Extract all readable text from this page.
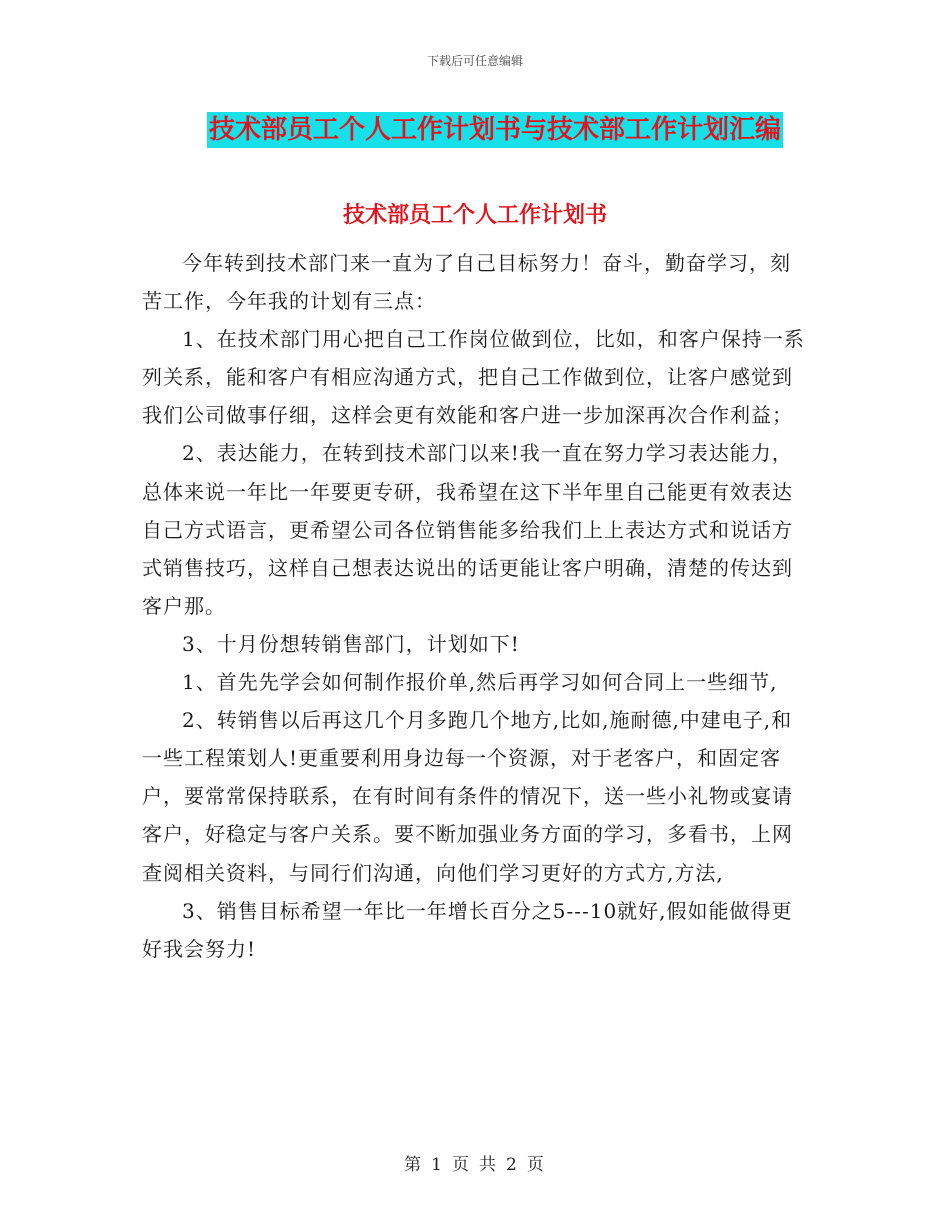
下载后可任意编辑
技术部员工个人工作计划书与技术部工作计划汇编
技术部员工个人工作计划书

今年转到技术部门来一直为了自己目标努力！奋斗，勤奋学习，刻苦工作，今年我的计划有三点：

1、在技术部门用心把自己工作岗位做到位，比如，和客户保持一系列关系，能和客户有相应沟通方式，把自己工作做到位，让客户感觉到我们公司做事仔细，这样会更有效能和客户进一步加深再次合作利益；

2、表达能力，在转到技术部门以来!我一直在努力学习表达能力，总体来说一年比一年要更专研，我希望在这下半年里自己能更有效表达自己方式语言，更希望公司各位销售能多给我们上上表达方式和说话方式销售技巧，这样自己想表达说出的话更能让客户明确，清楚的传达到客户那。

3、十月份想转销售部门，计划如下!

1、首先先学会如何制作报价单,然后再学习如何合同上一些细节,

2、转销售以后再这几个月多跑几个地方,比如,施耐德,中建电子,和一些工程策划人!更重要利用身边每一个资源，对于老客户，和固定客户，要常常保持联系，在有时间有条件的情况下，送一些小礼物或宴请客户，好稳定与客户关系。要不断加强业务方面的学习，多看书，上网查阅相关资料，与同行们沟通，向他们学习更好的方式方,方法,

3、销售目标希望一年比一年增长百分之5---10就好,假如能做得更好我会努力!

第 1 页 共 2 页
